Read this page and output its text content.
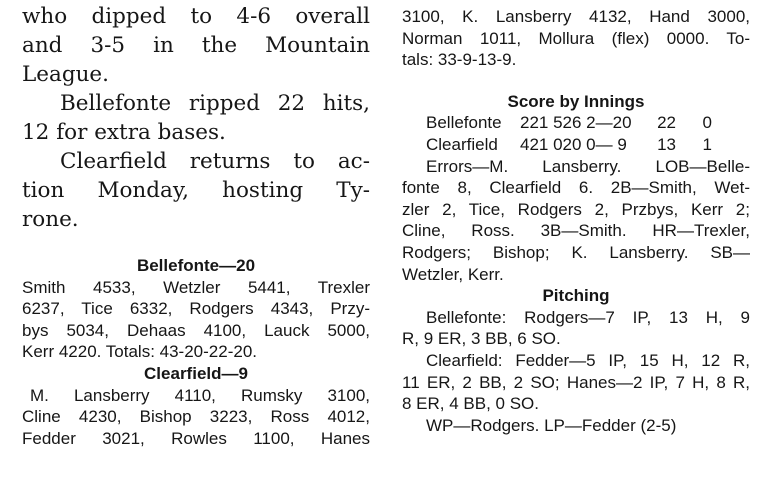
who dipped to 4-6 overall
and 3-5 in the Mountain
League.
Bellefonte ripped 22 hits,
12 for extra bases.
Clearfield returns to ac-
tion Monday, hosting Ty-
rone.
Bellefonte—20
Smith 4533, Wetzler 5441, Trexler
6237, Tice 6332, Rodgers 4343, Przy-
bys 5034, Dehaas 4100, Lauck 5000,
Kerr 4220. Totals: 43-20-22-20.
Clearfield—9
M. Lansberry 4110, Rumsky 3100,
Cline 4230, Bishop 3223, Ross 4012,
Fedder 3021, Rowles 1100, Hanes
3100, K. Lansberry 4132, Hand 3000,
Norman 1011, Mollura (flex) 0000. To-
tals: 33-9-13-9.
Score by Innings
Bellefonte 221 526 2—20 22 0
Clearfield 421 020 0— 9 13 1
Errors—M. Lansberry. LOB—Belle-
fonte 8, Clearfield 6. 2B—Smith, Wet-
zler 2, Tice, Rodgers 2, Przbys, Kerr 2;
Cline, Ross. 3B—Smith. HR—Trexler,
Rodgers; Bishop; K. Lansberry. SB—
Wetzler, Kerr.
Pitching
Bellefonte: Rodgers—7 IP, 13 H, 9
R, 9 ER, 3 BB, 6 SO.
Clearfield: Fedder—5 IP, 15 H, 12 R,
11 ER, 2 BB, 2 SO; Hanes—2 IP, 7 H, 8 R,
8 ER, 4 BB, 0 SO.
WP—Rodgers. LP—Fedder (2-5)
